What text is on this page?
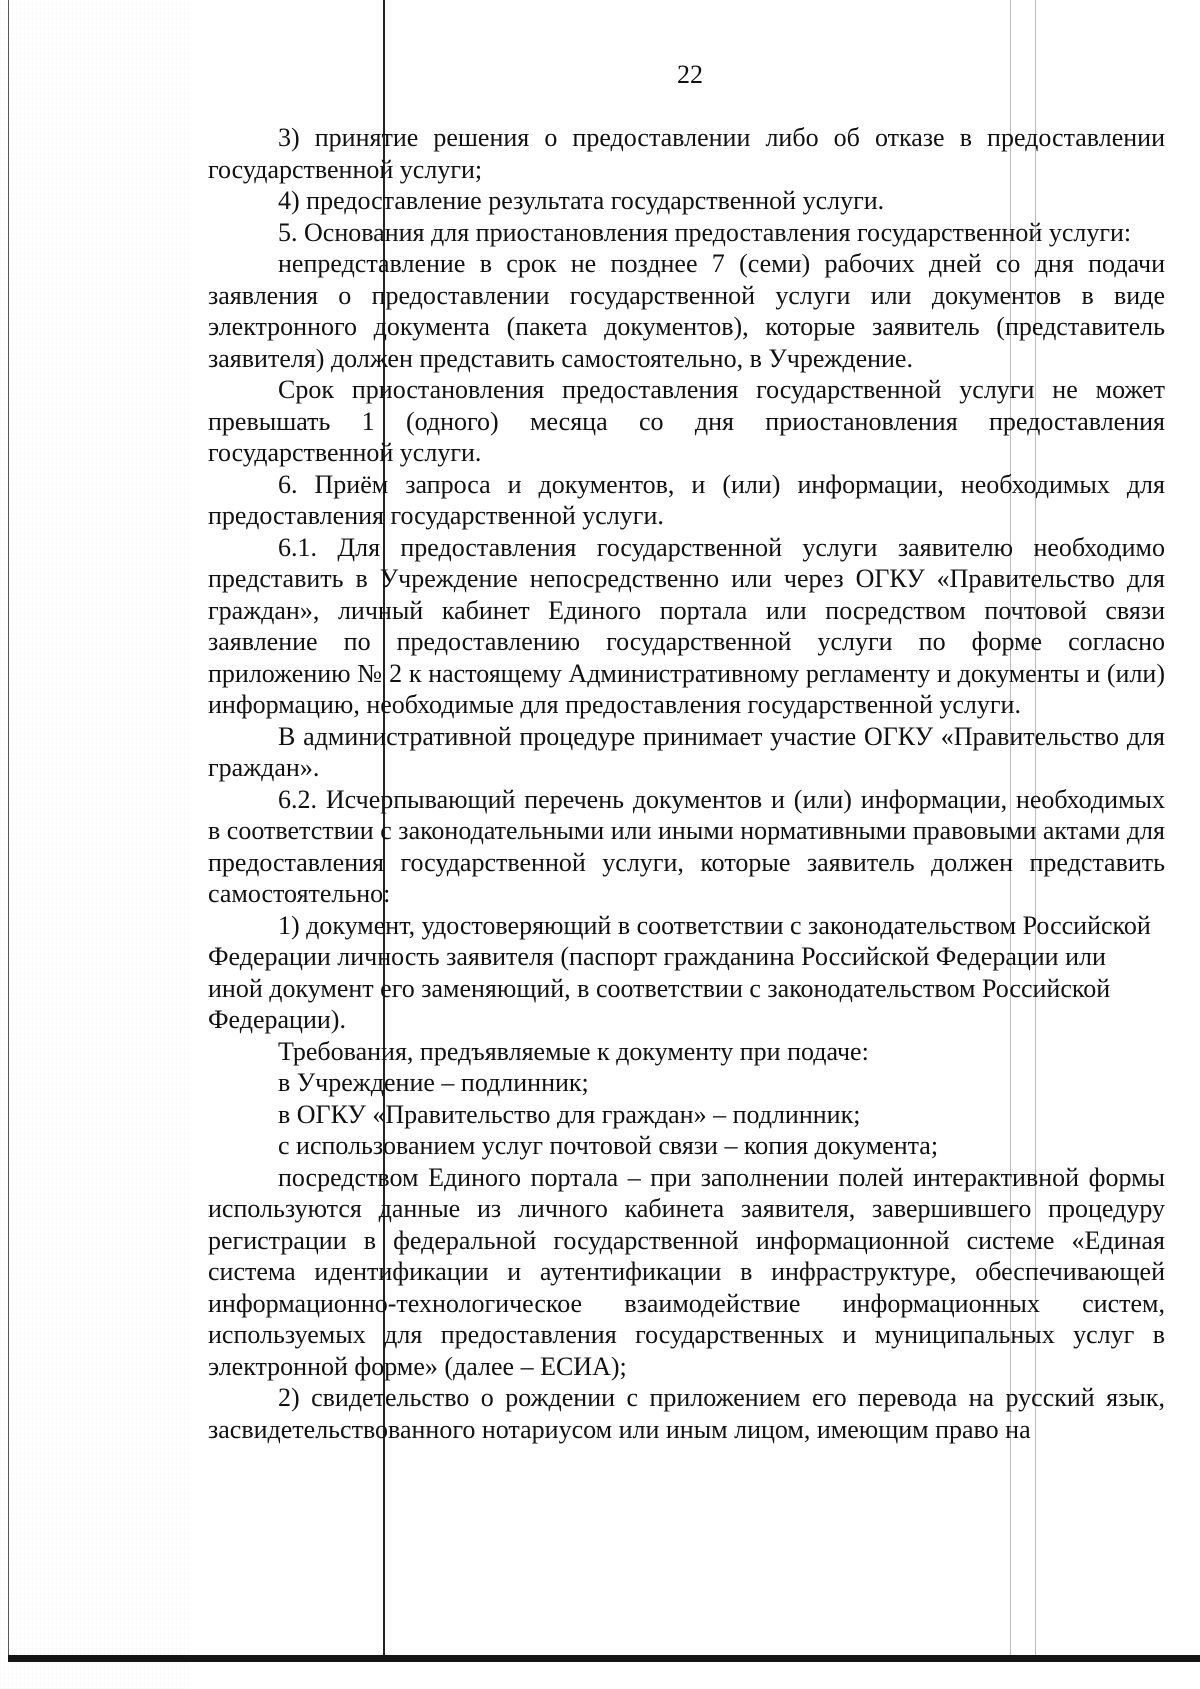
22

3) принятие решения о предоставлении либо об отказе в предоставлении государственной услуги;

4) предоставление результата государственной услуги.

5. Основания для приостановления предоставления государственной услуги:

непредставление в срок не позднее 7 (семи) рабочих дней со дня подачи заявления о предоставлении государственной услуги или документов в виде электронного документа (пакета документов), которые заявитель (представитель заявителя) должен представить самостоятельно, в Учреждение.

Срок приостановления предоставления государственной услуги не может превышать 1 (одного) месяца со дня приостановления предоставления государственной услуги.

6. Приём запроса и документов, и (или) информации, необходимых для предоставления государственной услуги.

6.1. Для предоставления государственной услуги заявителю необходимо представить в Учреждение непосредственно или через ОГКУ «Правительство для граждан», личный кабинет Единого портала или посредством почтовой связи заявление по предоставлению государственной услуги по форме согласно приложению № 2 к настоящему Административному регламенту и документы и (или) информацию, необходимые для предоставления государственной услуги.

В административной процедуре принимает участие ОГКУ «Правительство для граждан».

6.2. Исчерпывающий перечень документов и (или) информации, необходимых в соответствии с законодательными или иными нормативными правовыми актами для предоставления государственной услуги, которые заявитель должен представить самостоятельно:

1) документ, удостоверяющий в соответствии с законодательством Российской Федерации личность заявителя (паспорт гражданина Российской Федерации или иной документ его заменяющий, в соответствии с законодательством Российской Федерации).

Требования, предъявляемые к документу при подаче:

в Учреждение – подлинник;

в ОГКУ «Правительство для граждан» – подлинник;

с использованием услуг почтовой связи – копия документа;

посредством Единого портала – при заполнении полей интерактивной формы используются данные из личного кабинета заявителя, завершившего процедуру регистрации в федеральной государственной информационной системе «Единая система идентификации и аутентификации в инфраструктуре, обеспечивающей информационно-технологическое взаимодействие информационных систем, используемых для предоставления государственных и муниципальных услуг в электронной форме» (далее – ЕСИА);

2) свидетельство о рождении с приложением его перевода на русский язык, засвидетельствованного нотариусом или иным лицом, имеющим право на
